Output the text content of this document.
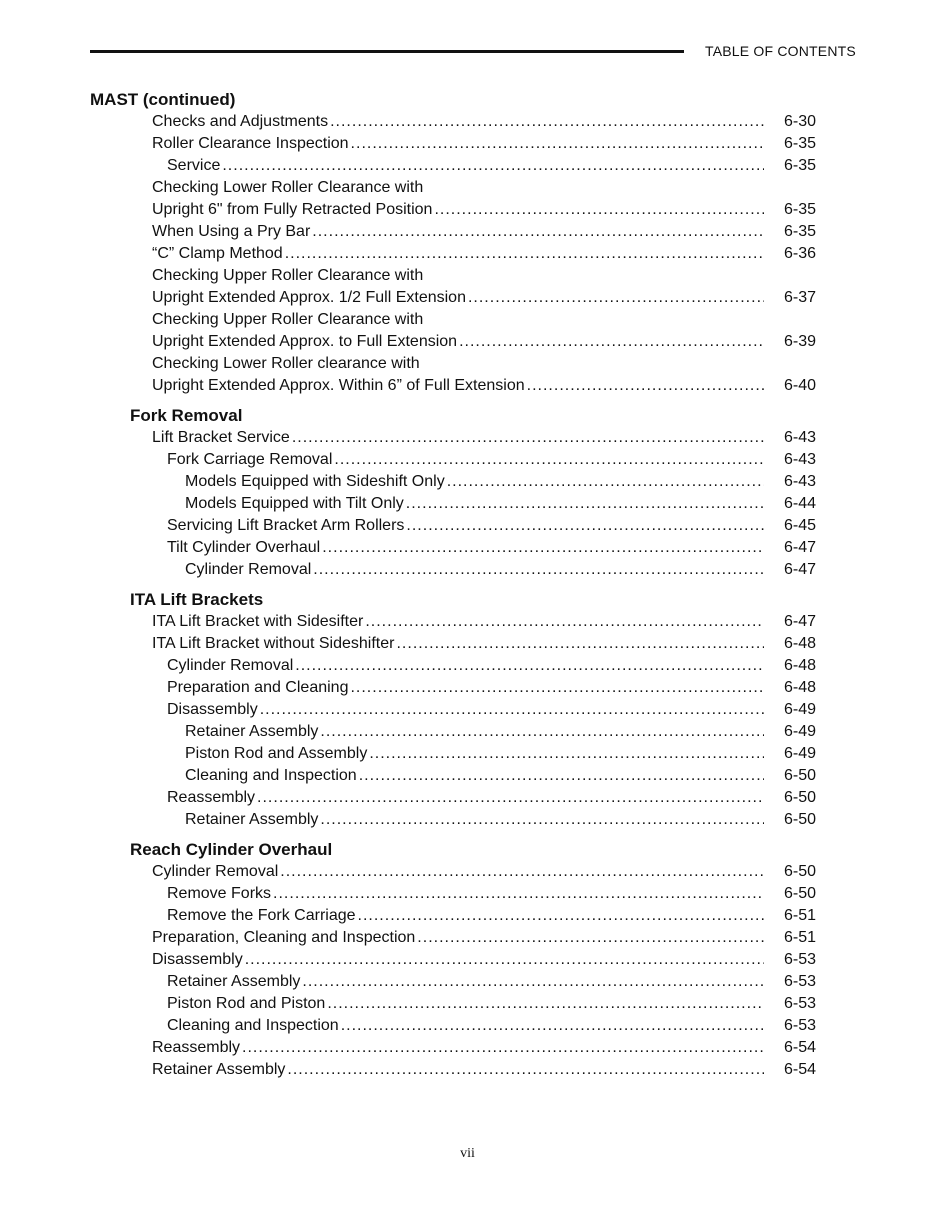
TABLE OF CONTENTS
MAST (continued)
Checks and Adjustments .....	6-30
Roller Clearance Inspection .....	6-35
Service .....	6-35
Checking Lower Roller Clearance with
Upright 6" from Fully Retracted Position .....	6-35
When Using a Pry Bar .....	6-35
“C” Clamp Method .....	6-36
Checking Upper Roller Clearance with
Upright Extended Approx. 1/2 Full Extension .....	6-37
Checking Upper Roller Clearance with
Upright Extended Approx. to Full Extension .....	6-39
Checking Lower Roller clearance with
Upright Extended Approx. Within 6” of Full Extension .....	6-40
Fork Removal
Lift Bracket Service .....	6-43
Fork Carriage Removal .....	6-43
Models Equipped with Sideshift Only .....	6-43
Models Equipped with Tilt Only .....	6-44
Servicing Lift Bracket Arm Rollers .....	6-45
Tilt Cylinder Overhaul .....	6-47
Cylinder Removal .....	6-47
ITA Lift Brackets
ITA Lift Bracket with Sidesifter .....	6-47
ITA Lift Bracket without Sideshifter .....	6-48
Cylinder Removal .....	6-48
Preparation and Cleaning .....	6-48
Disassembly .....	6-49
Retainer Assembly .....	6-49
Piston Rod and Assembly .....	6-49
Cleaning and Inspection .....	6-50
Reassembly .....	6-50
Retainer Assembly .....	6-50
Reach Cylinder Overhaul
Cylinder Removal .....	6-50
Remove Forks .....	6-50
Remove the Fork Carriage .....	6-51
Preparation, Cleaning and Inspection .....	6-51
Disassembly .....	6-53
Retainer Assembly .....	6-53
Piston Rod and Piston .....	6-53
Cleaning and Inspection .....	6-53
Reassembly .....	6-54
Retainer Assembly .....	6-54
vii
